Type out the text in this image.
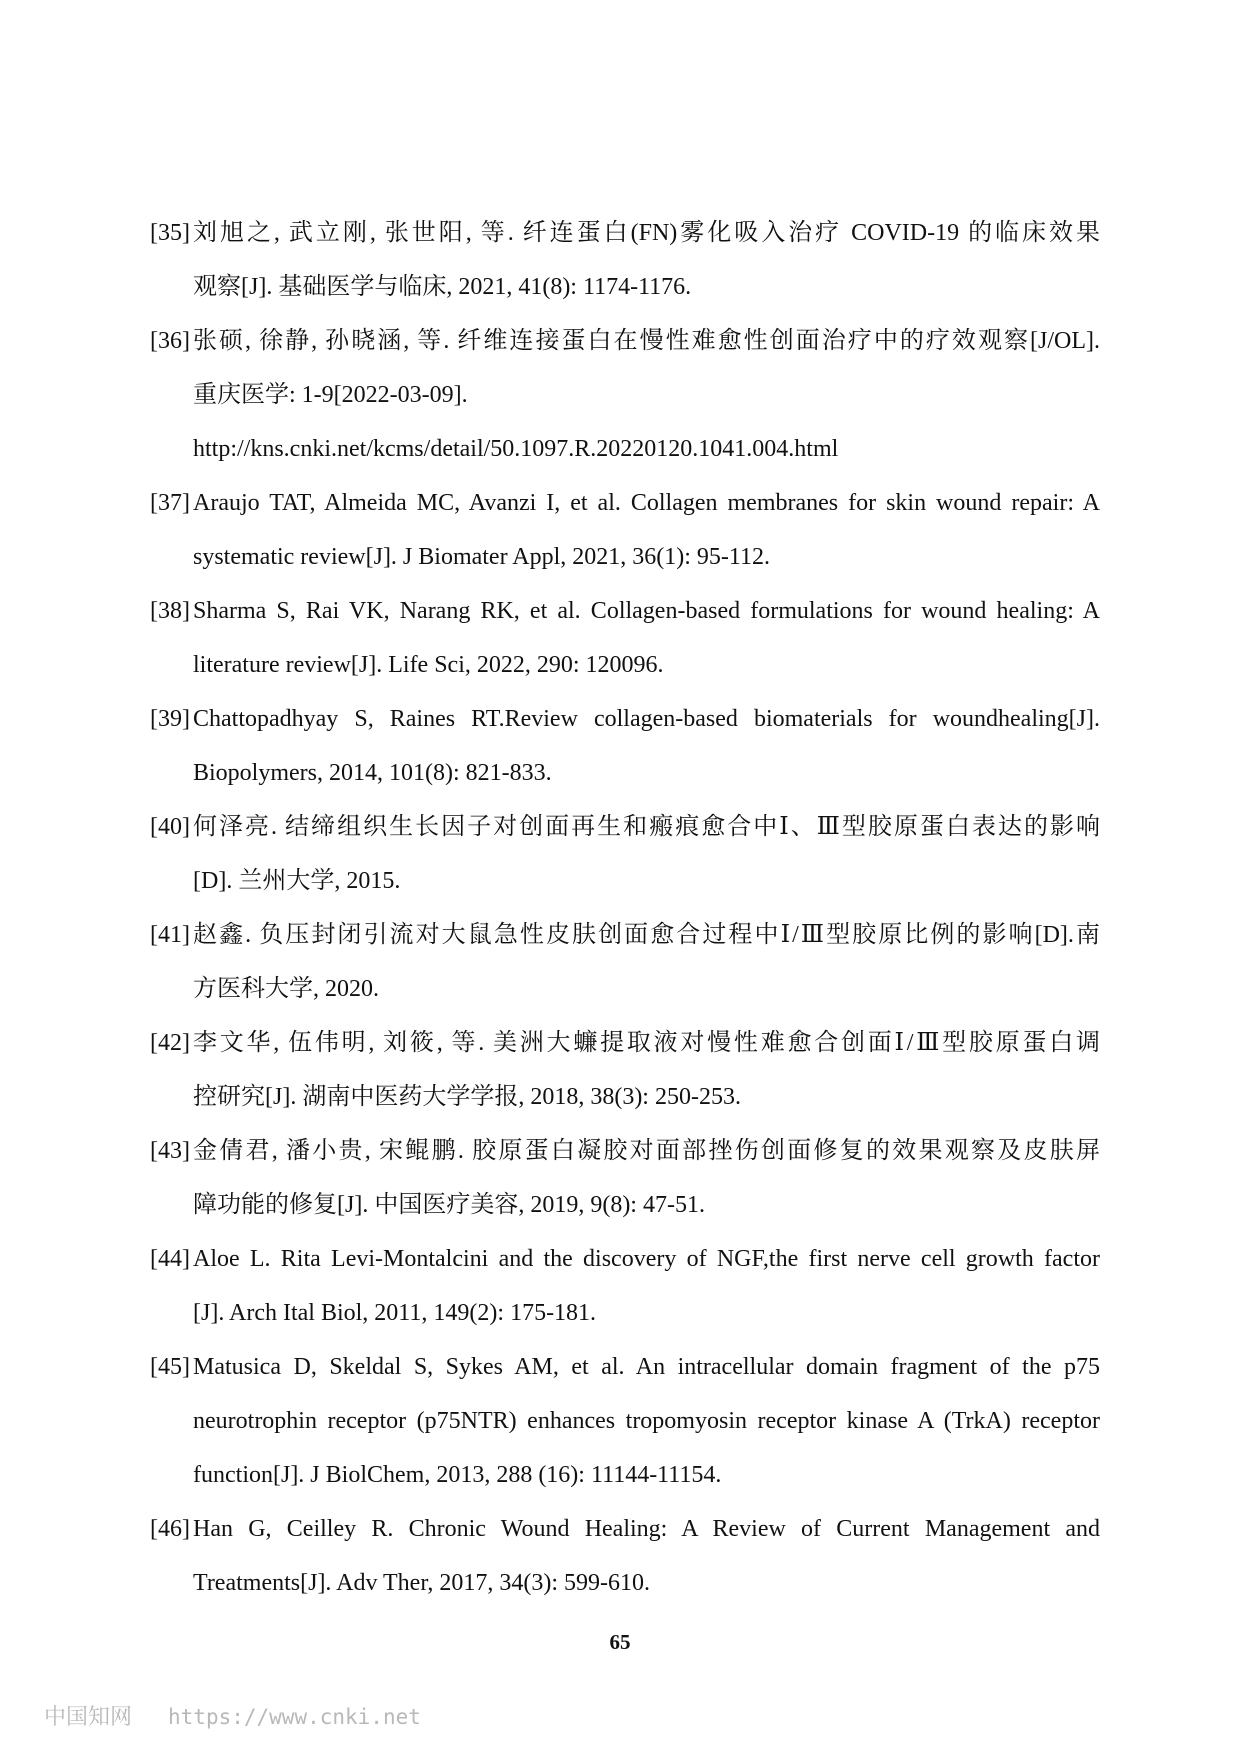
[35] 刘旭之, 武立刚, 张世阳, 等. 纤连蛋白(FN)雾化吸入治疗 COVID-19 的临床效果
观察[J]. 基础医学与临床, 2021, 41(8): 1174-1176.
[36] 张硕, 徐静, 孙晓涵, 等. 纤维连接蛋白在慢性难愈性创面治疗中的疗效观察[J/OL].
重庆医学: 1-9[2022-03-09].
http://kns.cnki.net/kcms/detail/50.1097.R.20220120.1041.004.html
[37] Araujo TAT, Almeida MC, Avanzi I, et al. Collagen membranes for skin wound repair: A
systematic review[J]. J Biomater Appl, 2021, 36(1): 95-112.
[38] Sharma S, Rai VK, Narang RK, et al. Collagen-based formulations for wound healing: A
literature review[J]. Life Sci, 2022, 290: 120096.
[39] Chattopadhyay S, Raines RT.Review collagen-based biomaterials for woundhealing[J].
Biopolymers, 2014, 101(8): 821-833.
[40] 何泽亮. 结缔组织生长因子对创面再生和瘢痕愈合中Ⅰ、Ⅲ型胶原蛋白表达的影响
[D]. 兰州大学, 2015.
[41] 赵鑫. 负压封闭引流对大鼠急性皮肤创面愈合过程中Ⅰ/Ⅲ型胶原比例的影响[D].南
方医科大学, 2020.
[42] 李文华, 伍伟明, 刘筱, 等. 美洲大蠊提取液对慢性难愈合创面Ⅰ/Ⅲ型胶原蛋白调
控研究[J]. 湖南中医药大学学报, 2018, 38(3): 250-253.
[43] 金倩君, 潘小贵, 宋鲲鹏. 胶原蛋白凝胶对面部挫伤创面修复的效果观察及皮肤屏
障功能的修复[J]. 中国医疗美容, 2019, 9(8): 47-51.
[44] Aloe L. Rita Levi-Montalcini and the discovery of NGF,the first nerve cell growth factor
[J]. Arch Ital Biol, 2011, 149(2): 175-181.
[45] Matusica D, Skeldal S, Sykes AM, et al. An intracellular domain fragment of the p75
neurotrophin receptor (p75NTR) enhances tropomyosin receptor kinase A (TrkA) receptor
function[J]. J BiolChem, 2013, 288 (16): 11144-11154.
[46] Han G, Ceilley R. Chronic Wound Healing: A Review of Current Management and
Treatments[J]. Adv Ther, 2017, 34(3): 599-610.
65
中国知网 https://www.cnki.net
